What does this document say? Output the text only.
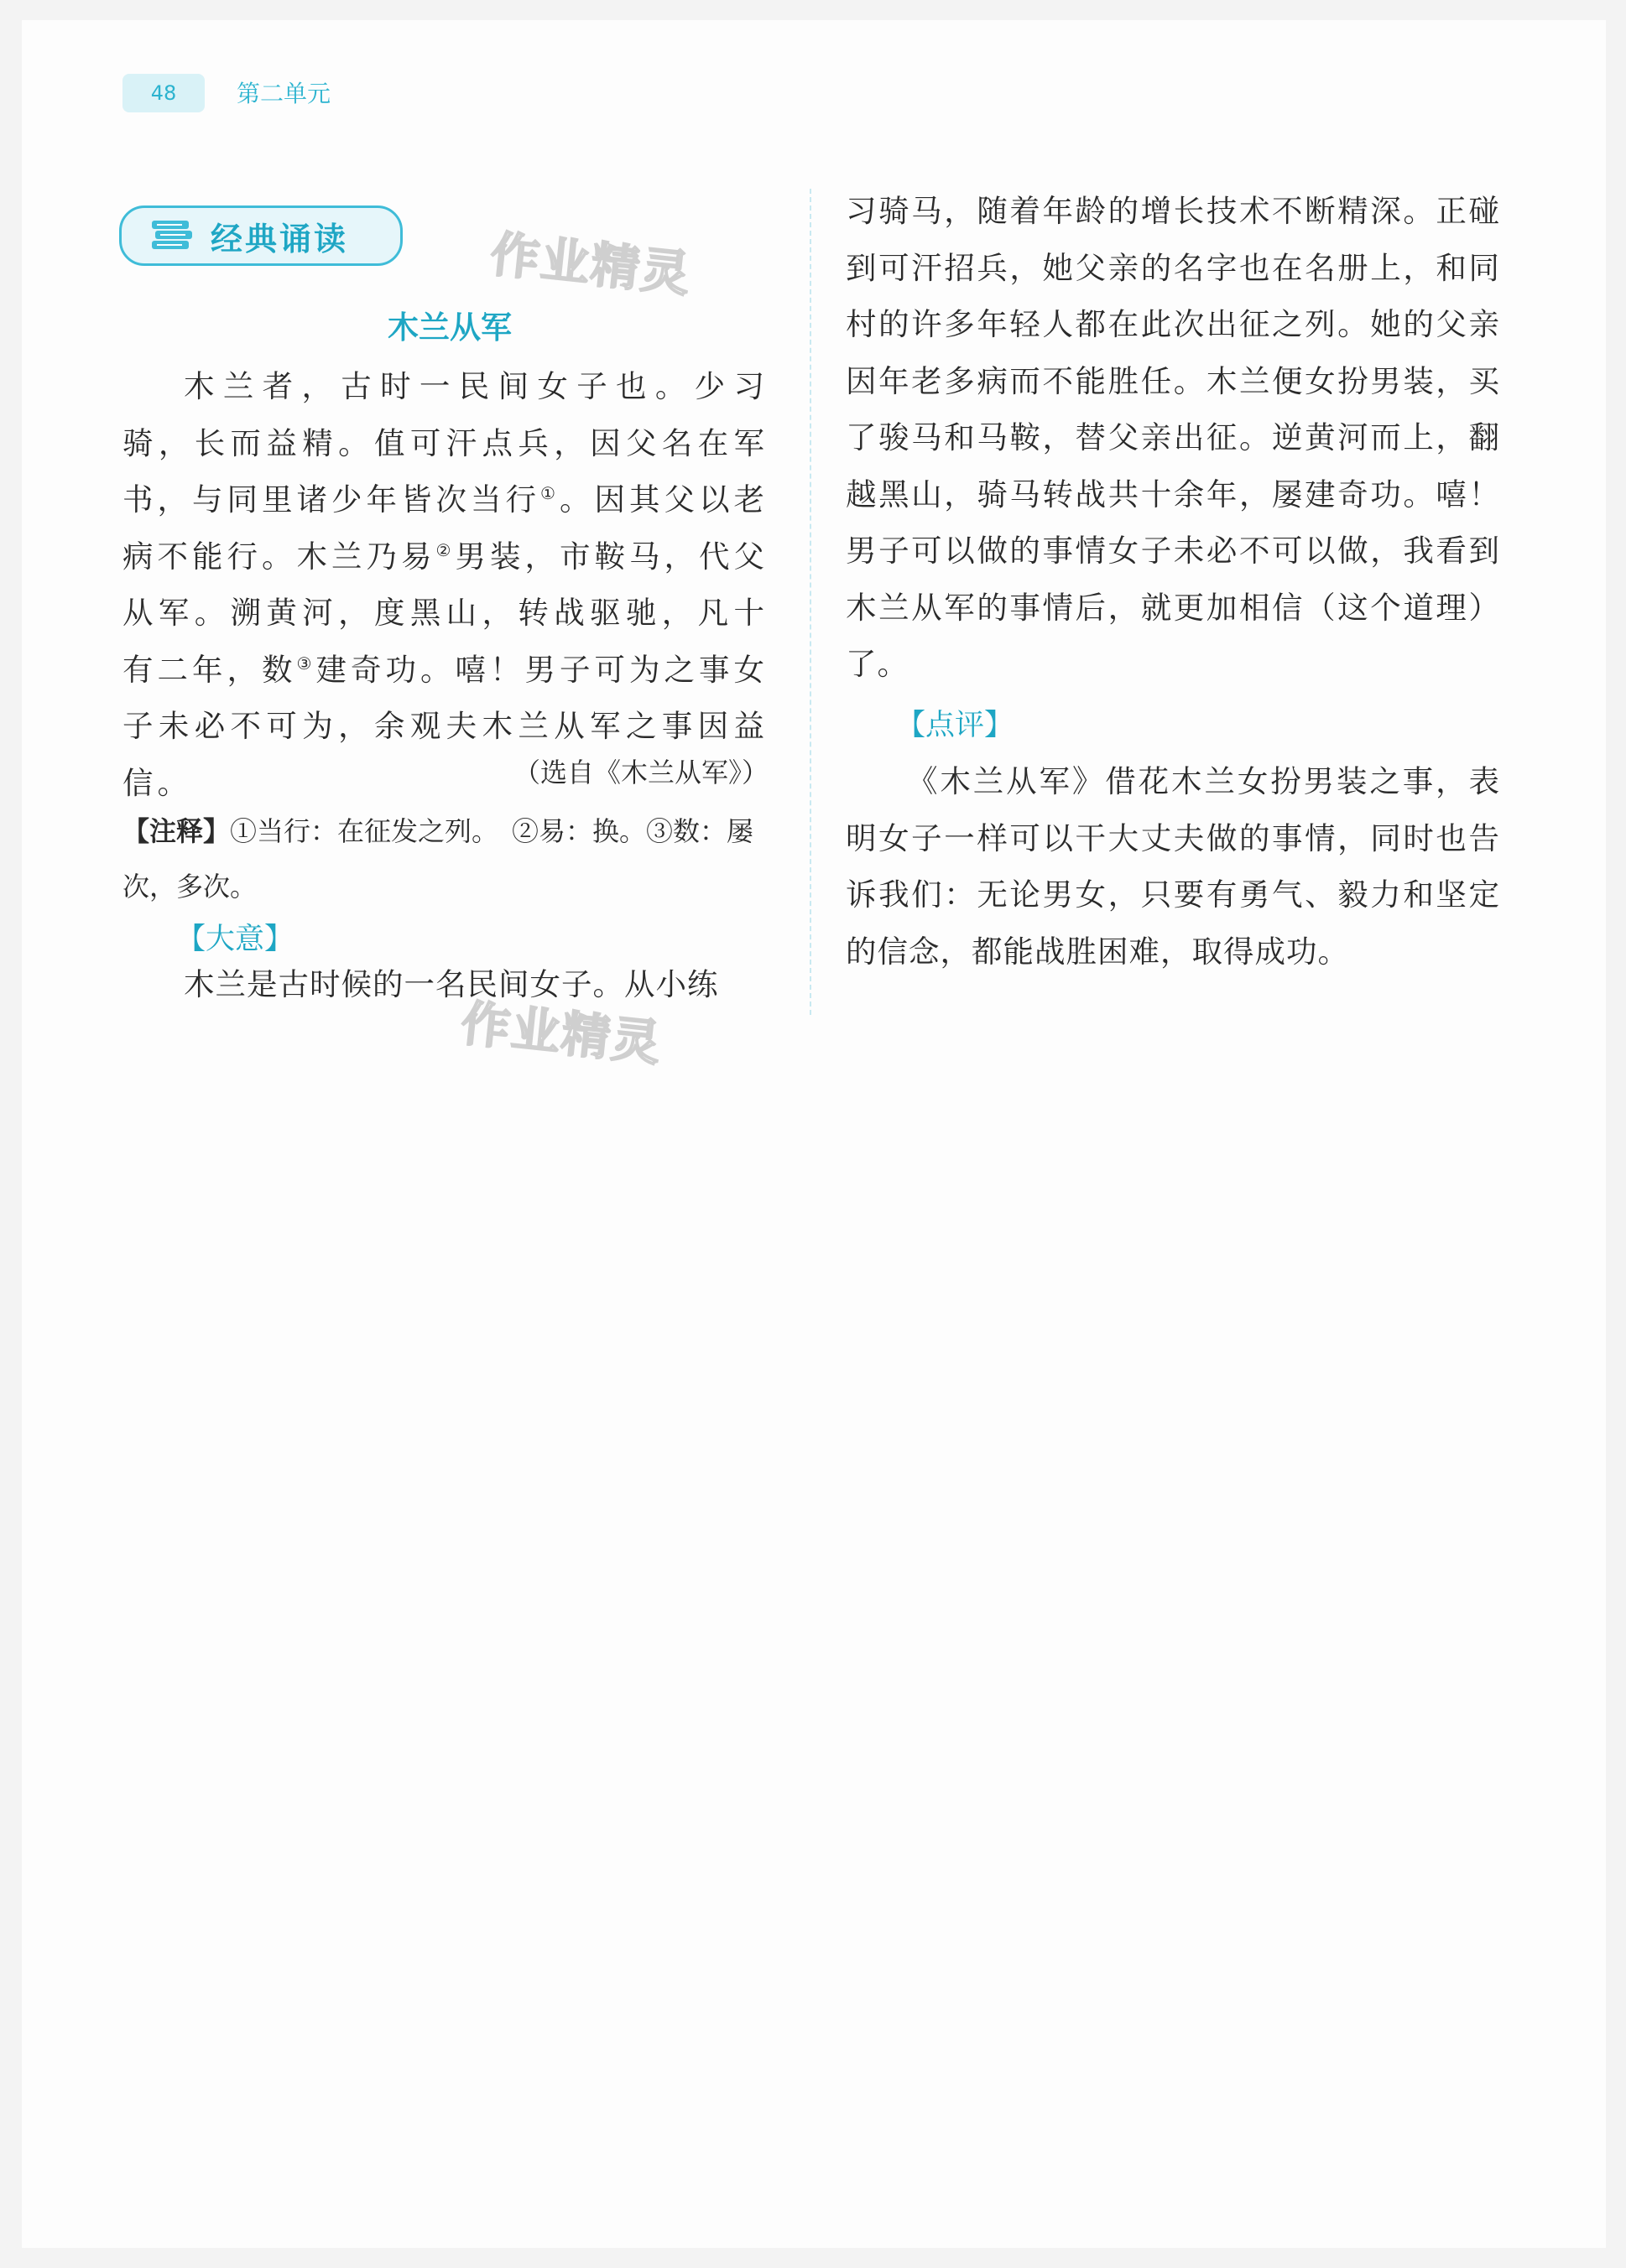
48	第二单元
经典诵读	作业精灵
作业精灵
木兰从军
木兰者，古时一民间女子也。少习骑，长而益精。值可汗点兵，因父名在军书，与同里诸少年皆次当行①。因其父以老病不能行。木兰乃易②男装，市鞍马，代父从军。溯黄河，度黑山，转战驱驰，凡十有二年，数③建奇功。嘻！男子可为之事女子未必不可为，余观夫木兰从军之事因益信。	（选自《木兰从军》）
【注释】①当行：在征发之列。　②易：换。③数：屡次，多次。
【大意】
木兰是古时候的一名民间女子。从小练
习骑马，随着年龄的增长技术不断精深。正碰到可汗招兵，她父亲的名字也在名册上，和同村的许多年轻人都在此次出征之列。她的父亲因年老多病而不能胜任。木兰便女扮男装，买了骏马和马鞍，替父亲出征。逆黄河而上，翻越黑山，骑马转战共十余年，屡建奇功。嘻！男子可以做的事情女子未必不可以做，我看到木兰从军的事情后，就更加相信（这个道理）了。
【点评】
《木兰从军》借花木兰女扮男装之事，表明女子一样可以干大丈夫做的事情，同时也告诉我们：无论男女，只要有勇气、毅力和坚定的信念，都能战胜困难，取得成功。
